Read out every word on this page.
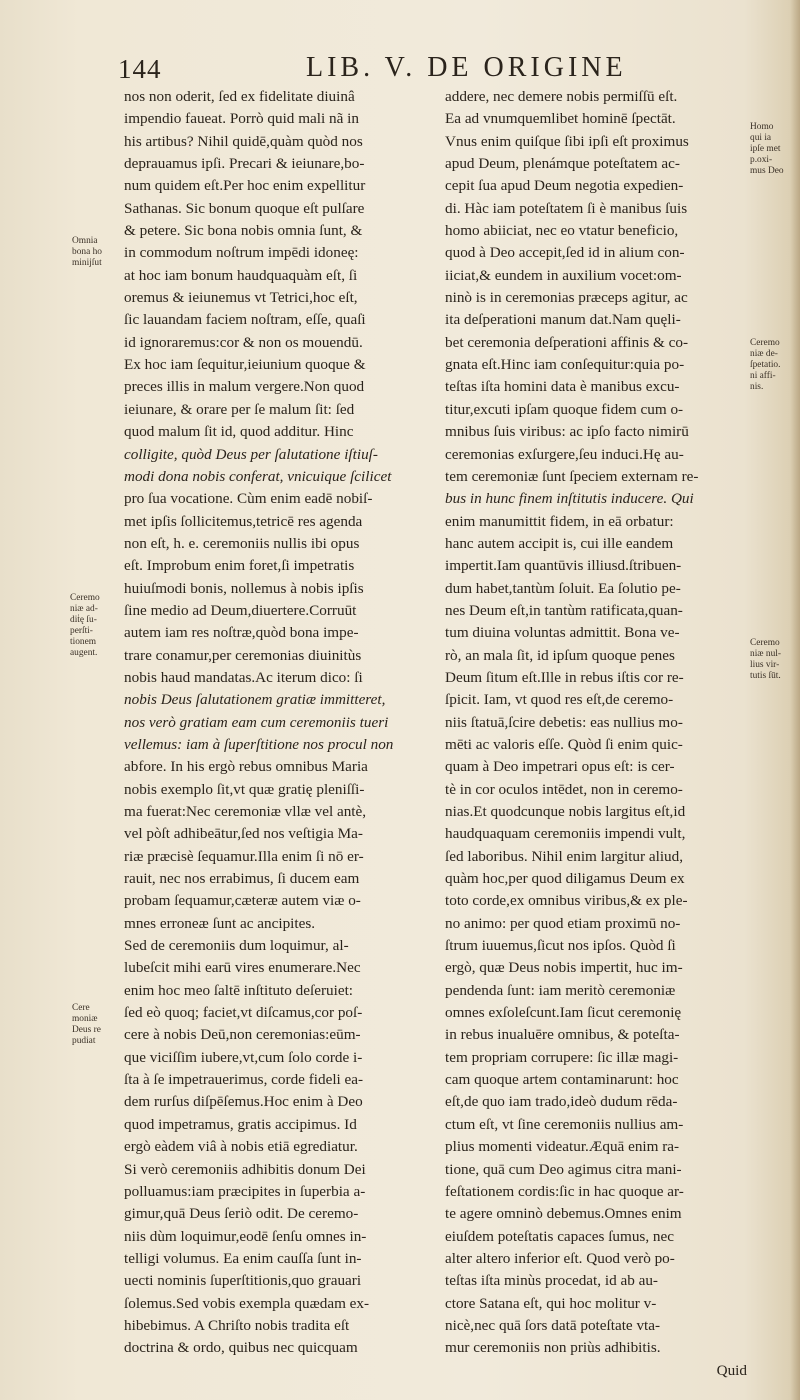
144	LIB. V. DE ORIGINE
nos non oderit, ſed ex fidelitate diuinâ
impendio faueat. Porrò quid mali nã in
his artibus? Nihil quidē,quàm quòd nos
deprauamus ipſi. Precari & ieiunare,bo-
num quidem eſt.Per hoc enim expellitur
Sathanas. Sic bonum quoque eſt pulſare
& petere. Sic bona nobis omnia ſunt, &
in commodum noſtrum impēdi idoneę:
at hoc iam bonum haudquaquàm eſt, ſi
oremus & ieiunemus vt Tetrici,hoc eſt,
ſic lauandam faciem noſtram, eſſe, quaſi
id ignoraremus:cor & non os mouendū.
Ex hoc iam ſequitur,ieiunium quoque &
preces illis in malum vergere.Non quod
ieiunare, & orare per ſe malum ſit: ſed
quod malum ſit id, quod additur. Hinc
colligite, quòd Deus per ſalutatione iſtiuſ-
modi dona nobis conferat, vnicuique ſcilicet
pro ſua vocatione. Cùm enim eadē nobiſ-
met ipſis ſollicitemus,tetricē res agenda
non eſt, h. e. ceremoniis nullis ibi opus
eſt. Improbum enim foret,ſi impetratis
huiuſmodi bonis, nollemus à nobis ipſis
ſine medio ad Deum,diuertere.Corruūt
autem iam res noſtræ,quòd bona impe-
trare conamur,per ceremonias diuinitùs
nobis haud mandatas.Ac iterum dico: ſi
nobis Deus ſalutationem gratiæ immitteret,
nos verò gratiam eam cum ceremoniis tueri
vellemus: iam à ſuperſtitione nos procul non
abfore. In his ergò rebus omnibus Maria
nobis exemplo ſit,vt quæ gratię pleniſſi-
ma fuerat:Nec ceremoniæ vllæ vel antè,
vel pòſt adhibeātur,ſed nos veſtigia Ma-
riæ præcisè ſequamur.Illa enim ſi nō er-
rauit, nec nos errabimus, ſi ducem eam
probam ſequamur,cæteræ autem viæ o-
mnes erroneæ ſunt ac ancipites.
Sed de ceremoniis dum loquimur, al-
lubeſcit mihi earū vires enumerare.Nec
enim hoc meo ſaltē inſtituto deſeruiet:
ſed eò quoq; faciet,vt diſcamus,cor poſ-
cere à nobis Deū,non ceremonias:eūm-
que viciſſim iubere,vt,cum ſolo corde i-
ſta à ſe impetrauerimus, corde fideli ea-
dem rurſus diſpēſemus.Hoc enim à Deo
quod impetramus, gratis accipimus. Id
ergò eàdem viâ à nobis etiā egrediatur.
Si verò ceremoniis adhibitis donum Dei
polluamus:iam præcipites in ſuperbia a-
gimur,quā Deus ſeriò odit. De ceremo-
niis dùm loquimur,eodē ſenſu omnes in-
telligi volumus. Ea enim cauſſa ſunt in-
uecti nominis ſuperſtitionis,quo grauari
ſolemus.Sed vobis exempla quædam ex-
hibebimus. A Chriſto nobis tradita eſt
doctrina & ordo, quibus nec quicquam
addere, nec demere nobis permiſſū eſt.
Ea ad vnumquemlibet hominē ſpectāt.
Vnus enim quiſque ſibi ipſi eſt proximus
apud Deum, plenámque poteſtatem ac-
cepit ſua apud Deum negotia expedien-
di. Hàc iam poteſtatem ſi è manibus ſuis
homo abiiciat, nec eo vtatur beneficio,
quod à Deo accepit,ſed id in alium con-
iiciat,& eundem in auxilium vocet:om-
ninò is in ceremonias præceps agitur, ac
ita deſperationi manum dat.Nam quęli-
bet ceremonia deſperationi affinis & co-
gnata eſt.Hinc iam conſequitur:quia po-
teſtas iſta homini data è manibus excu-
titur,excuti ipſam quoque fidem cum o-
mnibus ſuis viribus: ac ipſo facto nimirū
ceremonias exſurgere,ſeu induci.Hę au-
tem ceremoniæ ſunt ſpeciem externam re-
bus in hunc finem inſtitutis inducere. Qui
enim manumittit fidem, in eā orbatur:
hanc autem accipit is, cui ille eandem
impertit.Iam quantūvis illiusd.ſtribuen-
dum habet,tantùm ſoluit. Ea ſolutio pe-
nes Deum eſt,in tantùm ratificata,quan-
tum diuina voluntas admittit. Bona ve-
rò, an mala ſit, id ipſum quoque penes
Deum ſitum eſt.Ille in rebus iſtis cor re-
ſpicit. Iam, vt quod res eſt,de ceremo-
niis ſtatuā,ſcire debetis: eas nullius mo-
mēti ac valoris eſſe. Quòd ſi enim quic-
quam à Deo impetrari opus eſt: is cer-
tè in cor oculos intēdet, non in ceremo-
nias.Et quodcunque nobis largitus eſt,id
haudquaquam ceremoniis impendi vult,
ſed laboribus. Nihil enim largitur aliud,
quàm hoc,per quod diligamus Deum ex
toto corde,ex omnibus viribus,& ex ple-
no animo: per quod etiam proximū no-
ſtrum iuuemus,ſicut nos ipſos. Quòd ſi
ergò, quæ Deus nobis impertit, huc im-
pendenda ſunt: iam meritò ceremoniæ
omnes exſoleſcunt.Iam ſicut ceremonię
in rebus inualuēre omnibus, & poteſta-
tem propriam corrupere: ſic illæ magi-
cam quoque artem contaminarunt: hoc
eſt,de quo iam trado,ideò dudum rēda-
ctum eſt, vt ſine ceremoniis nullius am-
plius momenti videatur.Æquā enim ra-
tione, quā cum Deo agimus citra mani-
feſtationem cordis:ſic in hac quoque ar-
te agere omninò debemus.Omnes enim
eiuſdem poteſtatis capaces ſumus, nec
alter altero inferior eſt. Quod verò po-
teſtas iſta minùs procedat, id ab au-
ctore Satana eſt, qui hoc molitur v-
nicè,nec quā ſors datā poteſtate vta-
mur ceremoniis non priùs adhibitis.
Quid
Omnia
bona ho
minijſut
Ceremo
niæ ad-
diṫę ſu-
perſti-
tionem
augent.
Cere
moniæ
Deus re
pudiat
Homo
qui ia
ipſe met
p.oxi-
mus Deo
Ceremo
niæ de-
ſpetatio.
ni affi-
nis.
Ceremo
niæ nul-
lius vir-
tutis ſūt.
